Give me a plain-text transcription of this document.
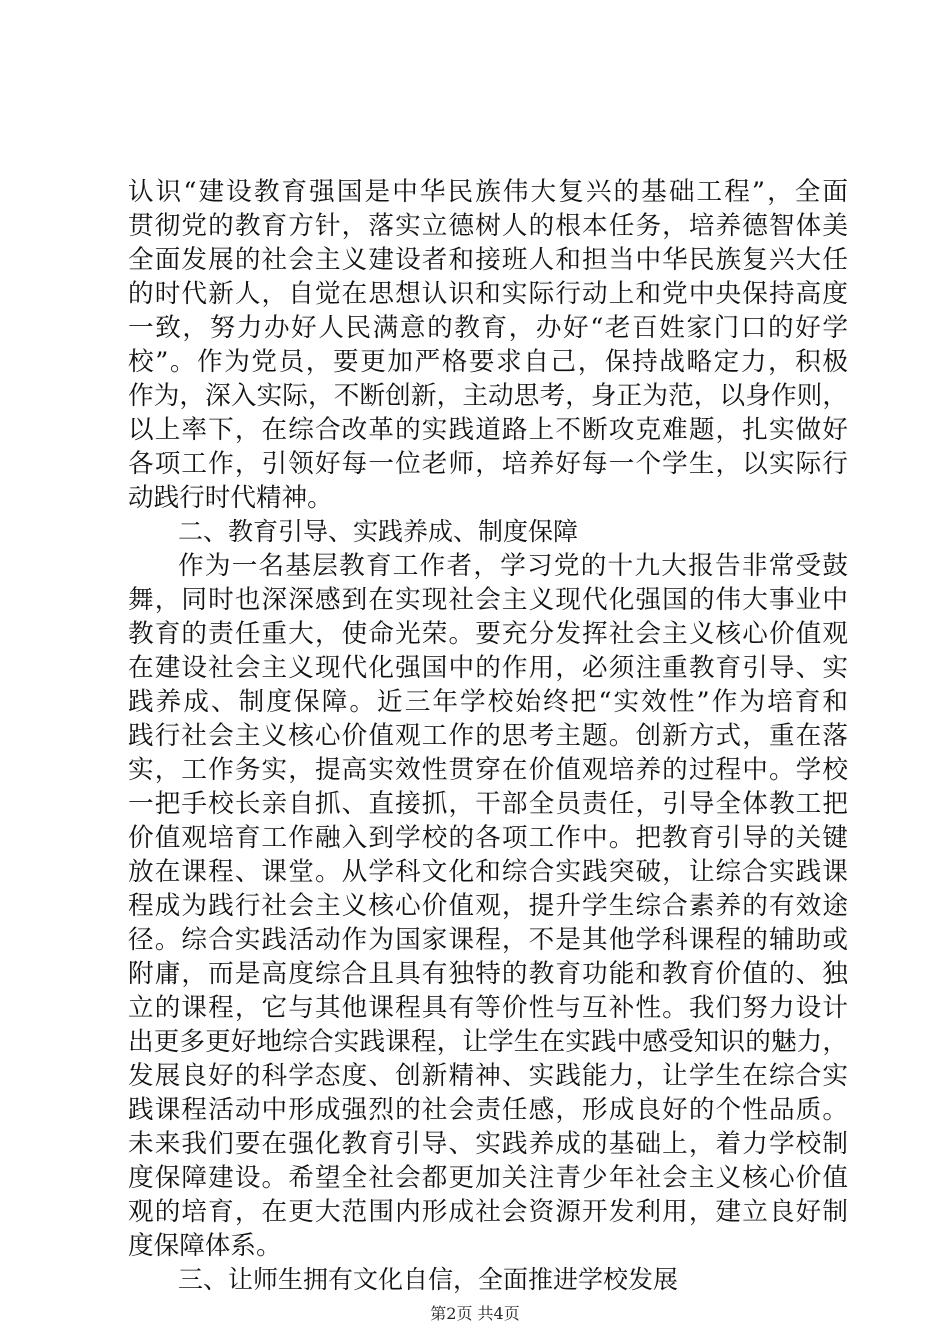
认识“建设教育强国是中华民族伟大复兴的基础工程”，全面
贯彻党的教育方针，落实立德树人的根本任务，培养德智体美
全面发展的社会主义建设者和接班人和担当中华民族复兴大任
的时代新人，自觉在思想认识和实际行动上和党中央保持高度
一致，努力办好人民满意的教育，办好“老百姓家门口的好学
校”。作为党员，要更加严格要求自己，保持战略定力，积极
作为，深入实际，不断创新，主动思考，身正为范，以身作则，
以上率下，在综合改革的实践道路上不断攻克难题，扎实做好
各项工作，引领好每一位老师，培养好每一个学生，以实际行
动践行时代精神。
二、教育引导、实践养成、制度保障
作为一名基层教育工作者，学习党的十九大报告非常受鼓
舞，同时也深深感到在实现社会主义现代化强国的伟大事业中
教育的责任重大，使命光荣。要充分发挥社会主义核心价值观
在建设社会主义现代化强国中的作用，必须注重教育引导、实
践养成、制度保障。近三年学校始终把“实效性”作为培育和
践行社会主义核心价值观工作的思考主题。创新方式，重在落
实，工作务实，提高实效性贯穿在价值观培养的过程中。学校
一把手校长亲自抓、直接抓，干部全员责任，引导全体教工把
价值观培育工作融入到学校的各项工作中。把教育引导的关键
放在课程、课堂。从学科文化和综合实践突破，让综合实践课
程成为践行社会主义核心价值观，提升学生综合素养的有效途
径。综合实践活动作为国家课程，不是其他学科课程的辅助或
附庸，而是高度综合且具有独特的教育功能和教育价值的、独
立的课程，它与其他课程具有等价性与互补性。我们努力设计
出更多更好地综合实践课程，让学生在实践中感受知识的魅力，
发展良好的科学态度、创新精神、实践能力，让学生在综合实
践课程活动中形成强烈的社会责任感，形成良好的个性品质。
未来我们要在强化教育引导、实践养成的基础上，着力学校制
度保障建设。希望全社会都更加关注青少年社会主义核心价值
观的培育，在更大范围内形成社会资源开发利用，建立良好制
度保障体系。
三、让师生拥有文化自信，全面推进学校发展
第2页 共4页
